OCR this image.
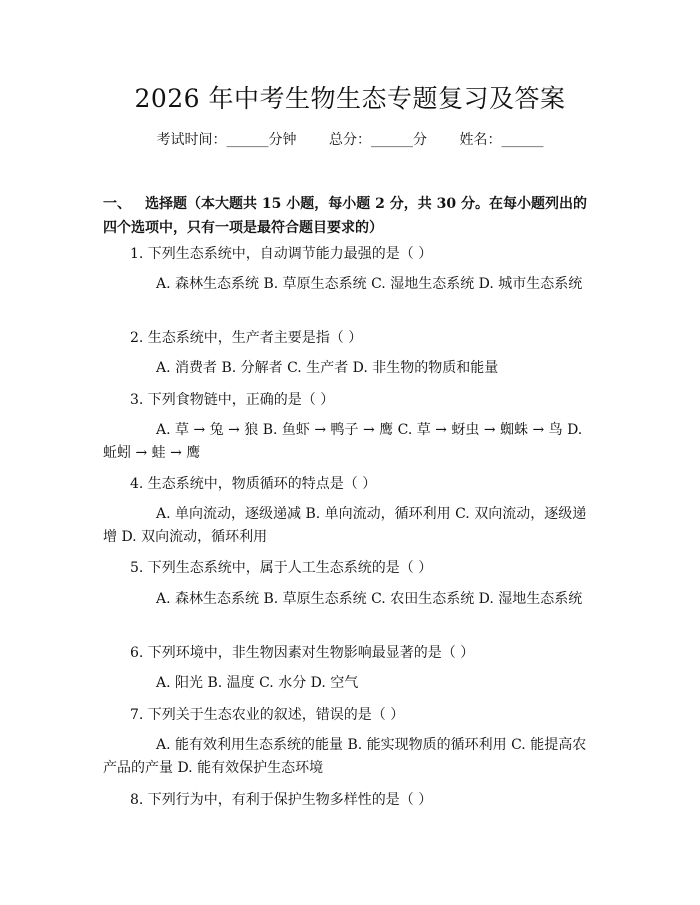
2026 年中考生物生态专题复习及答案
考试时间：______分钟 总分：______分 姓名：______
一、 选择题（本大题共 15 小题，每小题 2 分，共 30 分。在每小题列出的四个选项中，只有一项是最符合题目要求的）
1. 下列生态系统中，自动调节能力最强的是（ ）
A. 森林生态系统 B. 草原生态系统 C. 湿地生态系统 D. 城市生态系统
2. 生态系统中，生产者主要是指（ ）
A. 消费者 B. 分解者 C. 生产者 D. 非生物的物质和能量
3. 下列食物链中，正确的是（ ）
A. 草 → 兔 → 狼 B. 鱼虾 → 鸭子 → 鹰 C. 草 → 蚜虫 → 蜘蛛 → 鸟 D. 蚯蚓 → 蛙 → 鹰
4. 生态系统中，物质循环的特点是（ ）
A. 单向流动，逐级递减 B. 单向流动，循环利用 C. 双向流动，逐级递增 D. 双向流动，循环利用
5. 下列生态系统中，属于人工生态系统的是（ ）
A. 森林生态系统 B. 草原生态系统 C. 农田生态系统 D. 湿地生态系统
6. 下列环境中，非生物因素对生物影响最显著的是（ ）
A. 阳光 B. 温度 C. 水分 D. 空气
7. 下列关于生态农业的叙述，错误的是（ ）
A. 能有效利用生态系统的能量 B. 能实现物质的循环利用 C. 能提高农产品的产量 D. 能有效保护生态环境
8. 下列行为中，有利于保护生物多样性的是（ ）
